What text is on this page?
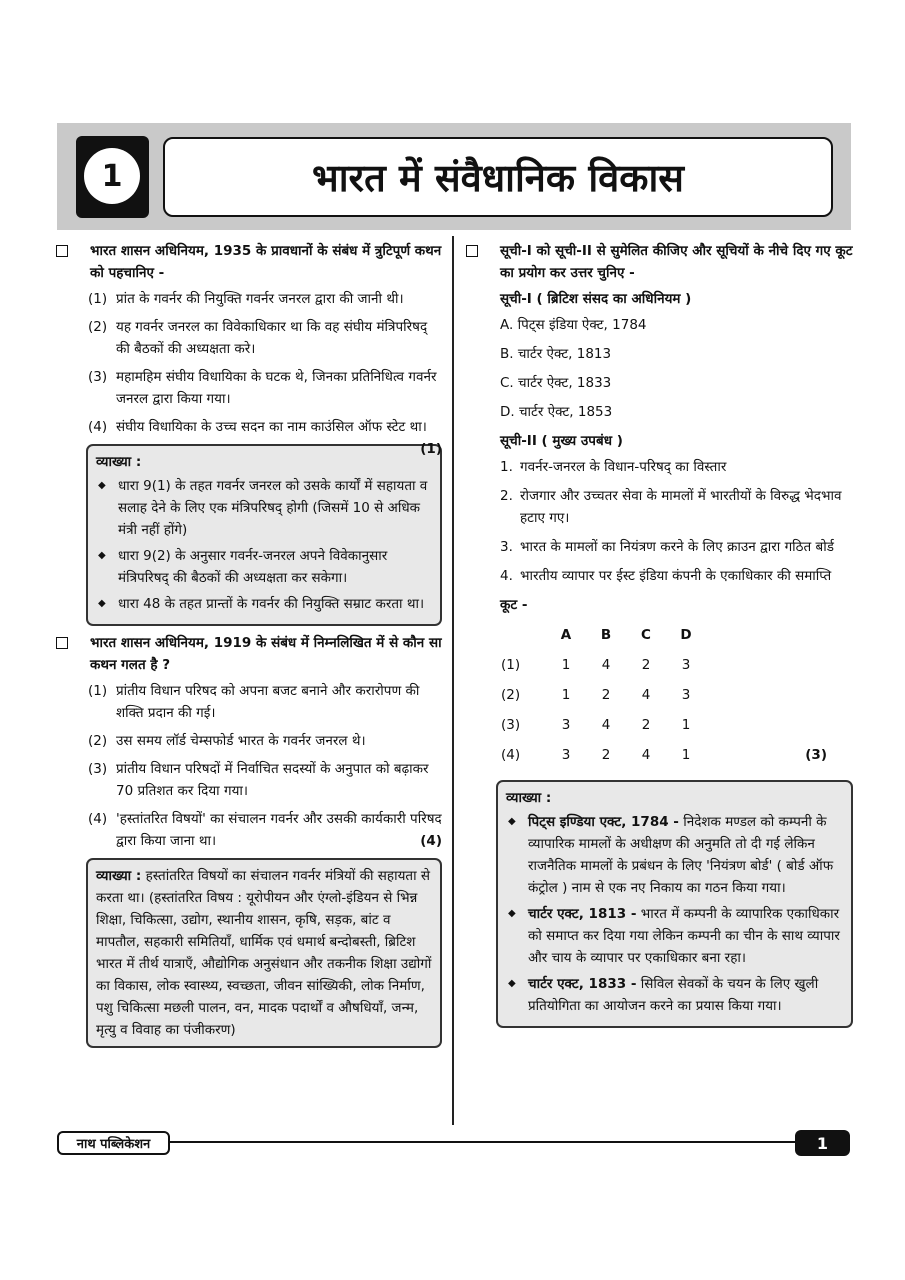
1	भारत में संवैधानिक विकास
भारत शासन अधिनियम, 1935 के प्रावधानों के संबंध में त्रुटिपूर्ण कथन को पहचानिए -
(1) प्रांत के गवर्नर की नियुक्ति गवर्नर जनरल द्वारा की जानी थी।
(2) यह गवर्नर जनरल का विवेकाधिकार था कि वह संघीय मंत्रिपरिषद् की बैठकों की अध्यक्षता करे।
(3) महामहिम संघीय विधायिका के घटक थे, जिनका प्रतिनिधित्व गवर्नर जनरल द्वारा किया गया।
(4) संघीय विधायिका के उच्च सदन का नाम काउंसिल ऑफ स्टेट था।
(1)
व्याख्या :
◆ धारा 9(1) के तहत गवर्नर जनरल को उसके कार्यों में सहायता व सलाह देने के लिए एक मंत्रिपरिषद् होगी (जिसमें 10 से अधिक मंत्री नहीं होंगे)
◆ धारा 9(2) के अनुसार गवर्नर-जनरल अपने विवेकानुसार मंत्रिपरिषद् की बैठकों की अध्यक्षता कर सकेगा।
◆ धारा 48 के तहत प्रान्तों के गवर्नर की नियुक्ति सम्राट करता था।
भारत शासन अधिनियम, 1919 के संबंध में निम्नलिखित में से कौन सा कथन गलत है ?
(1) प्रांतीय विधान परिषद को अपना बजट बनाने और करारोपण की शक्ति प्रदान की गई।
(2) उस समय लॉर्ड चेम्सफोर्ड भारत के गवर्नर जनरल थे।
(3) प्रांतीय विधान परिषदों में निर्वाचित सदस्यों के अनुपात को बढ़ाकर 70 प्रतिशत कर दिया गया।
(4) 'हस्तांतरित विषयों' का संचालन गवर्नर और उसकी कार्यकारी परिषद द्वारा किया जाना था।	(4)
व्याख्या : हस्तांतरित विषयों का संचालन गवर्नर मंत्रियों की सहायता से करता था। (हस्तांतरित विषय : यूरोपीयन और एंग्लो-इंडियन से भिन्न शिक्षा, चिकित्सा, उद्योग, स्थानीय शासन, कृषि, सड़क, बांट व मापतौल, सहकारी समितियाँ, धार्मिक एवं धमार्थ बन्दोबस्ती, ब्रिटिश भारत में तीर्थ यात्राएँ, औद्योगिक अनुसंधान और तकनीक शिक्षा उद्योगों का विकास, लोक स्वास्थ्य, स्वच्छता, जीवन सांख्यिकी, लोक निर्माण, पशु चिकित्सा मछली पालन, वन, मादक पदार्थों व औषधियाँ, जन्म, मृत्यु व विवाह का पंजीकरण)
सूची-I को सूची-II से सुमेलित कीजिए और सूचियों के नीचे दिए गए कूट का प्रयोग कर उत्तर चुनिए -
सूची-I ( ब्रिटिश संसद का अधिनियम )
A. पिट्स इंडिया ऐक्ट, 1784
B. चार्टर ऐक्ट, 1813
C. चार्टर ऐक्ट, 1833
D. चार्टर ऐक्ट, 1853
सूची-II ( मुख्य उपबंध )
1. गवर्नर-जनरल के विधान-परिषद् का विस्तार
2. रोजगार और उच्चतर सेवा के मामलों में भारतीयों के विरुद्ध भेदभाव हटाए गए।
3. भारत के मामलों का नियंत्रण करने के लिए क्राउन द्वारा गठित बोर्ड
4. भारतीय व्यापार पर ईस्ट इंडिया कंपनी के एकाधिकार की समाप्ति
कूट -
	A	B	C	D	
(1)	1	4	2	3	
(2)	1	2	4	3	
(3)	3	4	2	1	
(4)	3	2	4	1	(3)
व्याख्या :
◆ पिट्स इण्डिया एक्ट, 1784 - निदेशक मण्डल को कम्पनी के व्यापारिक मामलों के अधीक्षण की अनुमति तो दी गई लेकिन राजनैतिक मामलों के प्रबंधन के लिए 'नियंत्रण बोर्ड' ( बोर्ड ऑफ कंट्रोल ) नाम से एक नए निकाय का गठन किया गया।
◆ चार्टर एक्ट, 1813 - भारत में कम्पनी के व्यापारिक एकाधिकार को समाप्त कर दिया गया लेकिन कम्पनी का चीन के साथ व्यापार और चाय के व्यापार पर एकाधिकार बना रहा।
◆ चार्टर एक्ट, 1833 - सिविल सेवकों के चयन के लिए खुली प्रतियोगिता का आयोजन करने का प्रयास किया गया।
नाथ पब्लिकेशन	1
